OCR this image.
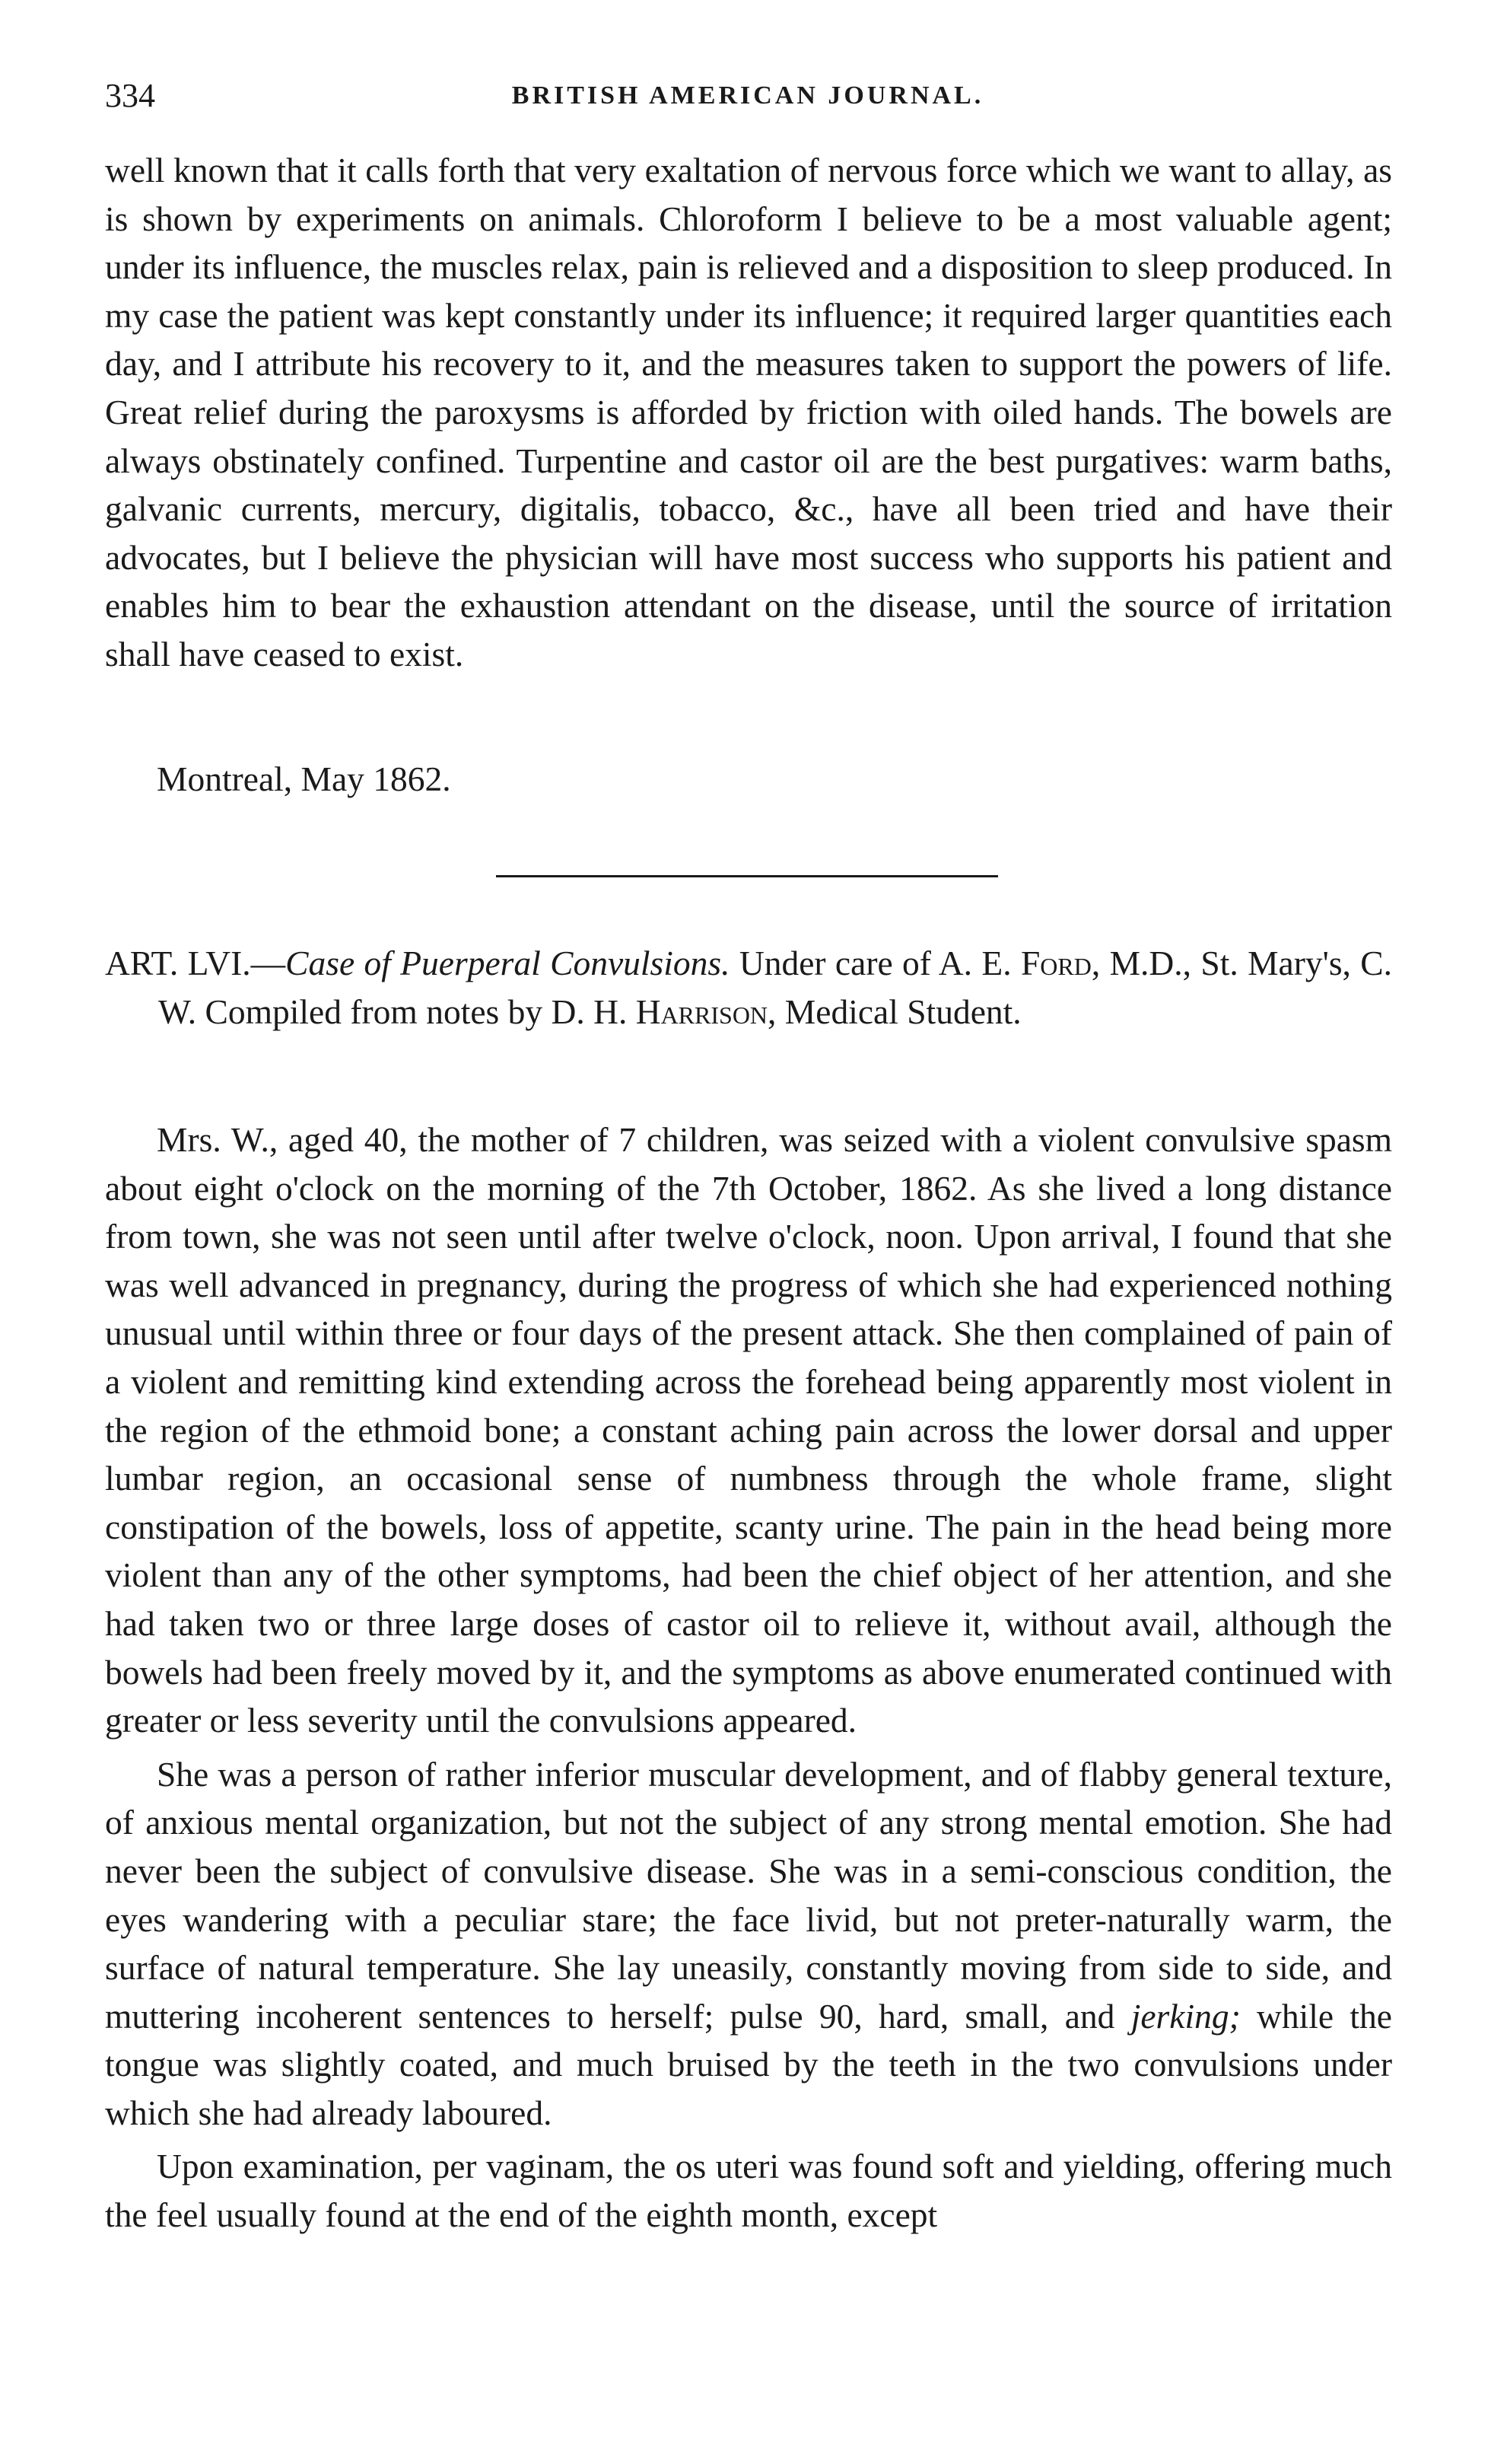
334	BRITISH AMERICAN JOURNAL.

well known that it calls forth that very exaltation of nervous force which we want to allay, as is shown by experiments on animals. Chloroform I believe to be a most valuable agent; under its influence, the muscles relax, pain is relieved and a disposition to sleep produced. In my case the patient was kept constantly under its influence; it required larger quantities each day, and I attribute his recovery to it, and the measures taken to support the powers of life. Great relief during the paroxysms is afforded by friction with oiled hands. The bowels are always obstinately confined. Turpentine and castor oil are the best purgatives: warm baths, galvanic currents, mercury, digitalis, tobacco, &c., have all been tried and have their advocates, but I believe the physician will have most success who supports his patient and enables him to bear the exhaustion attendant on the disease, until the source of irritation shall have ceased to exist.

Montreal, May 1862.
ART. LVI.—Case of Puerperal Convulsions. Under care of A. E. Ford, M.D., St. Mary's, C. W. Compiled from notes by D. H. Harrison, Medical Student.

Mrs. W., aged 40, the mother of 7 children, was seized with a violent convulsive spasm about eight o'clock on the morning of the 7th October, 1862. As she lived a long distance from town, she was not seen until after twelve o'clock, noon. Upon arrival, I found that she was well advanced in pregnancy, during the progress of which she had experienced nothing unusual until within three or four days of the present attack. She then complained of pain of a violent and remitting kind extending across the forehead being apparently most violent in the region of the ethmoid bone; a constant aching pain across the lower dorsal and upper lumbar region, an occasional sense of numbness through the whole frame, slight constipation of the bowels, loss of appetite, scanty urine. The pain in the head being more violent than any of the other symptoms, had been the chief object of her attention, and she had taken two or three large doses of castor oil to relieve it, without avail, although the bowels had been freely moved by it, and the symptoms as above enumerated continued with greater or less severity until the convulsions appeared.

She was a person of rather inferior muscular development, and of flabby general texture, of anxious mental organization, but not the subject of any strong mental emotion. She had never been the subject of convulsive disease. She was in a semi-conscious condition, the eyes wandering with a peculiar stare; the face livid, but not preter-naturally warm, the surface of natural temperature. She lay uneasily, constantly moving from side to side, and muttering incoherent sentences to herself; pulse 90, hard, small, and jerking; while the tongue was slightly coated, and much bruised by the teeth in the two convulsions under which she had already laboured.

Upon examination, per vaginam, the os uteri was found soft and yielding, offering much the feel usually found at the end of the eighth month, except
